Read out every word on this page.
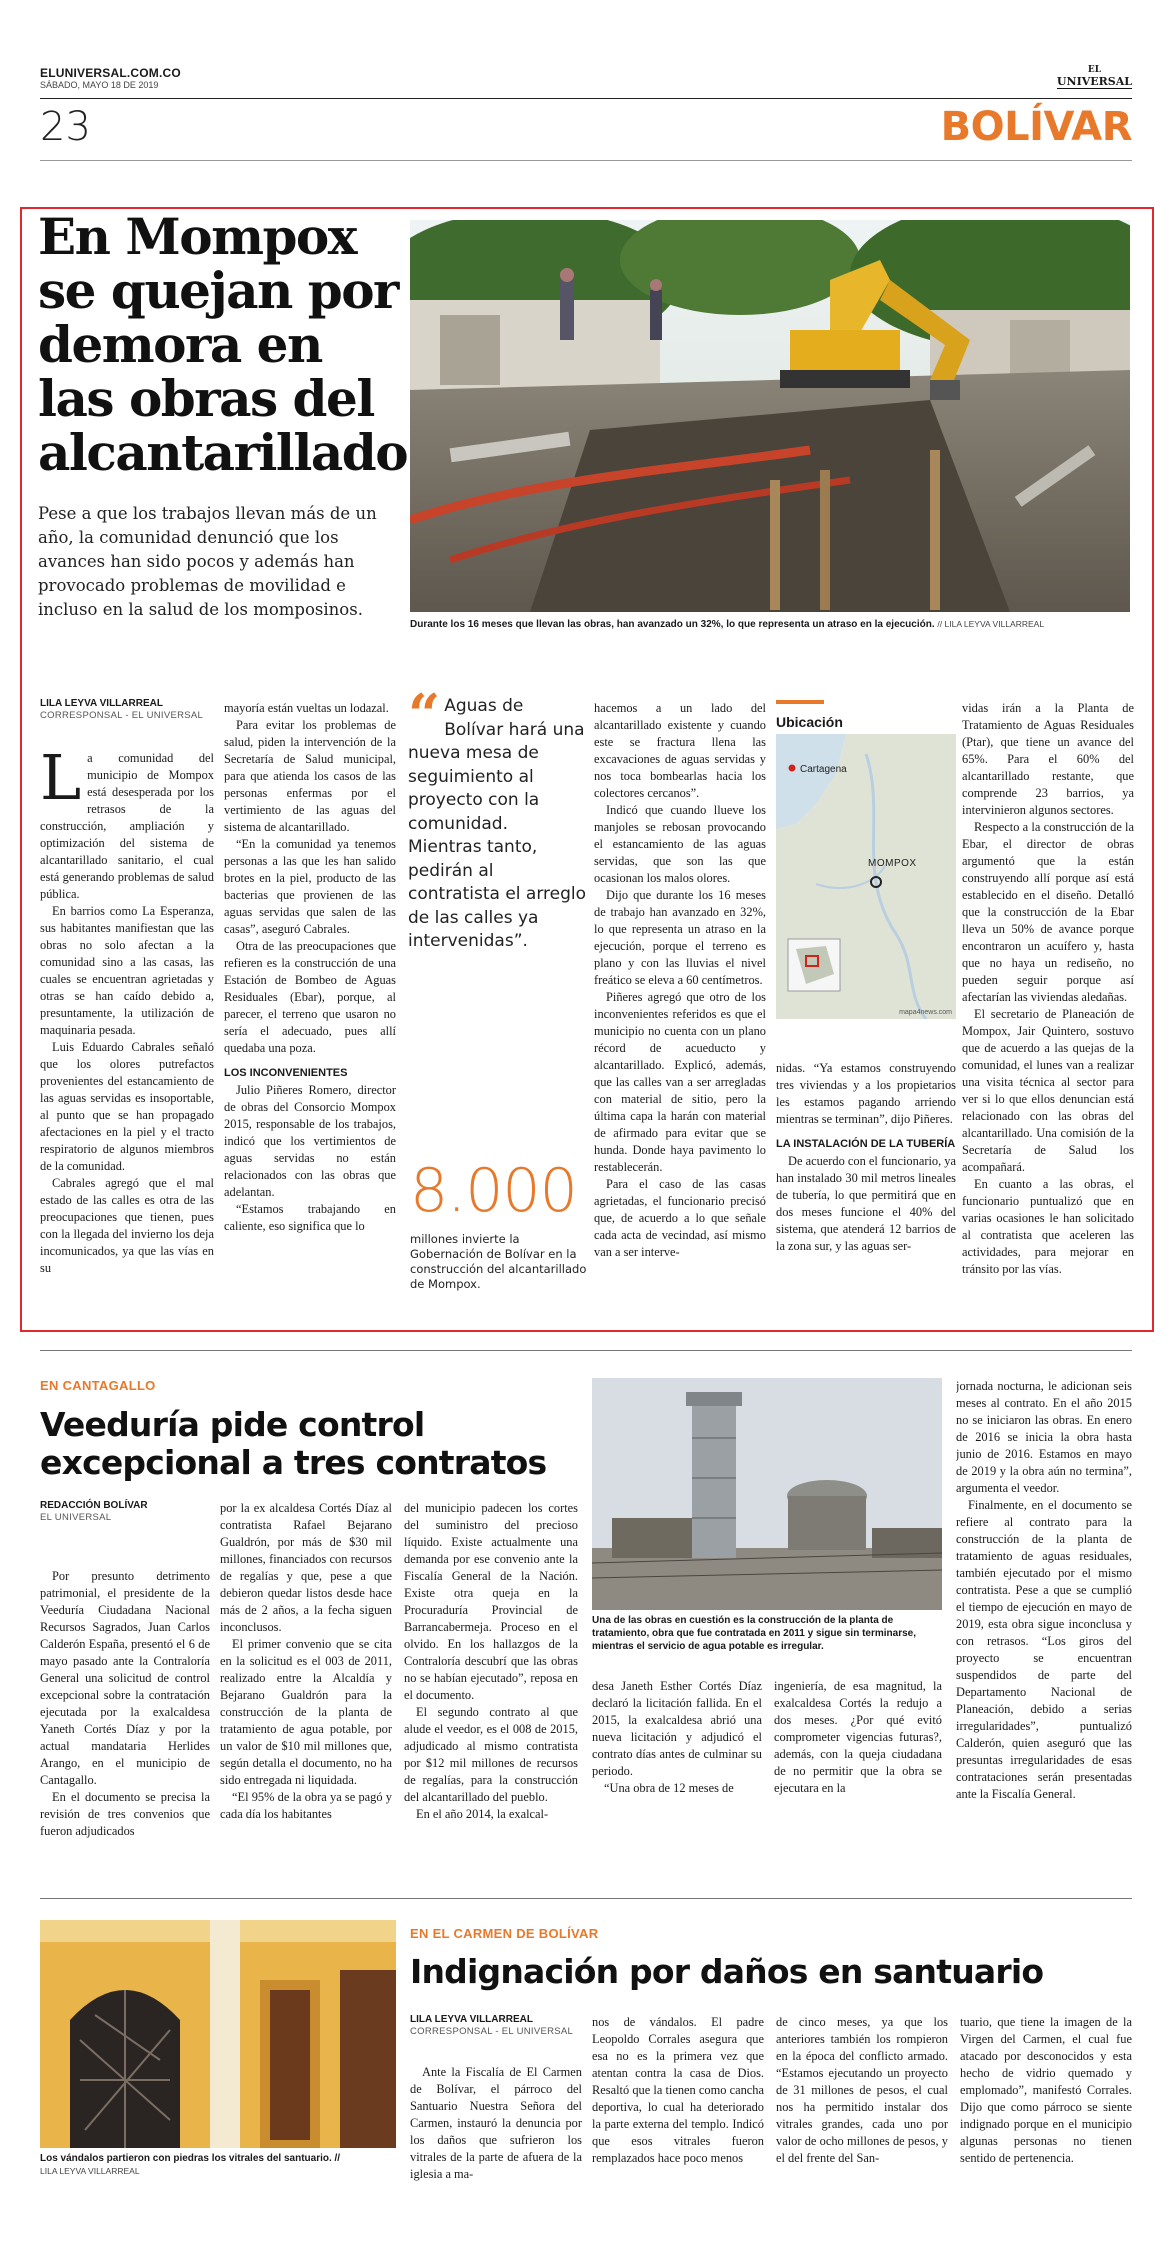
ELUNIVERSAL.COM.CO
SÁBADO, MAYO 18 DE 2019
EL
UNIVERSAL
23	BOLÍVAR
En Mompox se quejan por demora en las obras del alcantarillado
Pese a que los trabajos llevan más de un año, la comunidad denunció que los avances han sido pocos y además han provocado problemas de movilidad e incluso en la salud de los momposinos.
Durante los 16 meses que llevan las obras, han avanzado un 32%, lo que representa un atraso en la ejecución. // LILA LEYVA VILLARREAL
LILA LEYVA VILLARREAL
CORRESPONSAL - EL UNIVERSAL

La comunidad del municipio de Mompox está desesperada por los retrasos de la construcción, ampliación y optimización del sistema de alcantarillado sanitario, el cual está generando problemas de salud pública.

En barrios como La Esperanza, sus habitantes manifiestan que las obras no solo afectan a la comunidad sino a las casas, las cuales se encuentran agrietadas y otras se han caído debido a, presuntamente, la utilización de maquinaria pesada.

Luis Eduardo Cabrales señaló que los olores putrefactos provenientes del estancamiento de las aguas servidas es insoportable, al punto que se han propagado afectaciones en la piel y el tracto respiratorio de algunos miembros de la comunidad.

Cabrales agregó que el mal estado de las calles es otra de las preocupaciones que tienen, pues con la llegada del invierno los deja incomunicados, ya que las vías en su

mayoría están vueltas un lodazal.

Para evitar los problemas de salud, piden la intervención de la Secretaría de Salud municipal, para que atienda los casos de las personas enfermas por el vertimiento de las aguas del sistema de alcantarillado.

“En la comunidad ya tenemos personas a las que les han salido brotes en la piel, producto de las bacterias que provienen de las aguas servidas que salen de las casas”, aseguró Cabrales.

Otra de las preocupaciones que refieren es la construcción de una Estación de Bombeo de Aguas Residuales (Ebar), porque, al parecer, el terreno que usaron no sería el adecuado, pues allí quedaba una poza.

LOS INCONVENIENTES

Julio Piñeres Romero, director de obras del Consorcio Mompox 2015, responsable de los trabajos, indicó que los vertimientos de aguas servidas no están relacionados con las obras que adelantan.

“Estamos trabajando en caliente, eso significa que lo

“ Aguas de Bolívar hará una nueva mesa de seguimiento al proyecto con la comunidad. Mientras tanto, pedirán al contratista el arreglo de las calles ya intervenidas”.
8.000
millones invierte la Gobernación de Bolívar en la construcción del alcantarillado de Mompox.

hacemos a un lado del alcantarillado existente y cuando este se fractura llena las excavaciones de aguas servidas y nos toca bombearlas hacia los colectores cercanos”.

Indicó que cuando llueve los manjoles se rebosan provocando el estancamiento de las aguas servidas, que son las que ocasionan los malos olores.

Dijo que durante los 16 meses de trabajo han avanzado en 32%, lo que representa un atraso en la ejecución, porque el terreno es plano y con las lluvias el nivel freático se eleva a 60 centímetros.

Piñeres agregó que otro de los inconvenientes referidos es que el municipio no cuenta con un plano récord de acueducto y alcantarillado. Explicó, además, que las calles van a ser arregladas con material de sitio, pero la última capa la harán con material de afirmado para evitar que se hunda. Donde haya pavimento lo restablecerán.

Para el caso de las casas agrietadas, el funcionario precisó que, de acuerdo a lo que señale cada acta de vecindad, así mismo van a ser interve-

Ubicación
Cartagena
MOMPOX
mapa4news.com

nidas. “Ya estamos construyendo tres viviendas y a los propietarios les estamos pagando arriendo mientras se terminan”, dijo Piñeres.

LA INSTALACIÓN DE LA TUBERÍA

De acuerdo con el funcionario, ya han instalado 30 mil metros lineales de tubería, lo que permitirá que en dos meses funcione el 40% del sistema, que atenderá 12 barrios de la zona sur, y las aguas ser-

vidas irán a la Planta de Tratamiento de Aguas Residuales (Ptar), que tiene un avance del 65%. Para el 60% del alcantarillado restante, que comprende 23 barrios, ya intervinieron algunos sectores.

Respecto a la construcción de la Ebar, el director de obras argumentó que la están construyendo allí porque así está establecido en el diseño. Detalló que la construcción de la Ebar lleva un 50% de avance porque encontraron un acuífero y, hasta que no haya un rediseño, no pueden seguir porque así afectarían las viviendas aledañas.

El secretario de Planeación de Mompox, Jair Quintero, sostuvo que de acuerdo a las quejas de la comunidad, el lunes van a realizar una visita técnica al sector para ver si lo que ellos denuncian está relacionado con las obras del alcantarillado. Una comisión de la Secretaría de Salud los acompañará.

En cuanto a las obras, el funcionario puntualizó que en varias ocasiones le han solicitado al contratista que aceleren las actividades, para mejorar en tránsito por las vías.

EN CANTAGALLO
Veeduría pide control excepcional a tres contratos
REDACCIÓN BOLÍVAR
EL UNIVERSAL

Por presunto detrimento patrimonial, el presidente de la Veeduría Ciudadana Nacional Recursos Sagrados, Juan Carlos Calderón España, presentó el 6 de mayo pasado ante la Contraloría General una solicitud de control excepcional sobre la contratación ejecutada por la exalcaldesa Yaneth Cortés Díaz y por la actual mandataria Herlides Arango, en el municipio de Cantagallo.

En el documento se precisa la revisión de tres convenios que fueron adjudicados

por la ex alcaldesa Cortés Díaz al contratista Rafael Bejarano Gualdrón, por más de $30 mil millones, financiados con recursos de regalías y que, pese a que debieron quedar listos desde hace más de 2 años, a la fecha siguen inconclusos.

El primer convenio que se cita en la solicitud es el 003 de 2011, realizado entre la Alcaldía y Bejarano Gualdrón para la construcción de la planta de tratamiento de agua potable, por un valor de $10 mil millones que, según detalla el documento, no ha sido entregada ni liquidada.

“El 95% de la obra ya se pagó y cada día los habitantes

del municipio padecen los cortes del suministro del precioso líquido. Existe actualmente una demanda por ese convenio ante la Fiscalía General de la Nación. Existe otra queja en la Procuraduría Provincial de Barrancabermeja. Proceso en el olvido. En los hallazgos de la Contraloría descubrí que las obras no se habían ejecutado”, reposa en el documento.

El segundo contrato al que alude el veedor, es el 008 de 2015, adjudicado al mismo contratista por $12 mil millones de recursos de regalías, para la construcción del alcantarillado del pueblo.

En el año 2014, la exalcal-

Una de las obras en cuestión es la construcción de la planta de tratamiento, obra que fue contratada en 2011 y sigue sin terminarse, mientras el servicio de agua potable es irregular.

desa Janeth Esther Cortés Díaz declaró la licitación fallida. En el 2015, la exalcaldesa abrió una nueva licitación y adjudicó el contrato días antes de culminar su periodo.

“Una obra de 12 meses de

ingeniería, de esa magnitud, la exalcaldesa Cortés la redujo a dos meses. ¿Por qué evitó comprometer vigencias futuras?, además, con la queja ciudadana de no permitir que la obra se ejecutara en la

jornada nocturna, le adicionan seis meses al contrato. En el año 2015 no se iniciaron las obras. En enero de 2016 se inicia la obra hasta junio de 2016. Estamos en mayo de 2019 y la obra aún no termina”, argumenta el veedor.

Finalmente, en el documento se refiere al contrato para la construcción de la planta de tratamiento de aguas residuales, también ejecutado por el mismo contratista. Pese a que se cumplió el tiempo de ejecución en mayo de 2019, esta obra sigue inconclusa y con retrasos. “Los giros del proyecto se encuentran suspendidos de parte del Departamento Nacional de Planeación, debido a serias irregularidades”, puntualizó Calderón, quien aseguró que las presuntas irregularidades de esas contrataciones serán presentadas ante la Fiscalía General.

Los vándalos partieron con piedras los vitrales del santuario. //
LILA LEYVA VILLARREAL
EN EL CARMEN DE BOLÍVAR
Indignación por daños en santuario
LILA LEYVA VILLARREAL
CORRESPONSAL - EL UNIVERSAL

Ante la Fiscalía de El Carmen de Bolívar, el párroco del Santuario Nuestra Señora del Carmen, instauró la denuncia por los daños que sufrieron los vitrales de la parte de afuera de la iglesia a ma-

nos de vándalos. El padre Leopoldo Corrales asegura que esa no es la primera vez que atentan contra la casa de Dios. Resaltó que la tienen como cancha deportiva, lo cual ha deteriorado la parte externa del templo. Indicó que esos vitrales fueron remplazados hace poco menos

de cinco meses, ya que los anteriores también los rompieron en la época del conflicto armado. “Estamos ejecutando un proyecto de 31 millones de pesos, el cual nos ha permitido instalar dos vitrales grandes, cada uno por valor de ocho millones de pesos, y el del frente del San-

tuario, que tiene la imagen de la Virgen del Carmen, el cual fue atacado por desconocidos y esta hecho de vidrio quemado y emplomado”, manifestó Corrales. Dijo que como párroco se siente indignado porque en el municipio algunas personas no tienen sentido de pertenencia.
